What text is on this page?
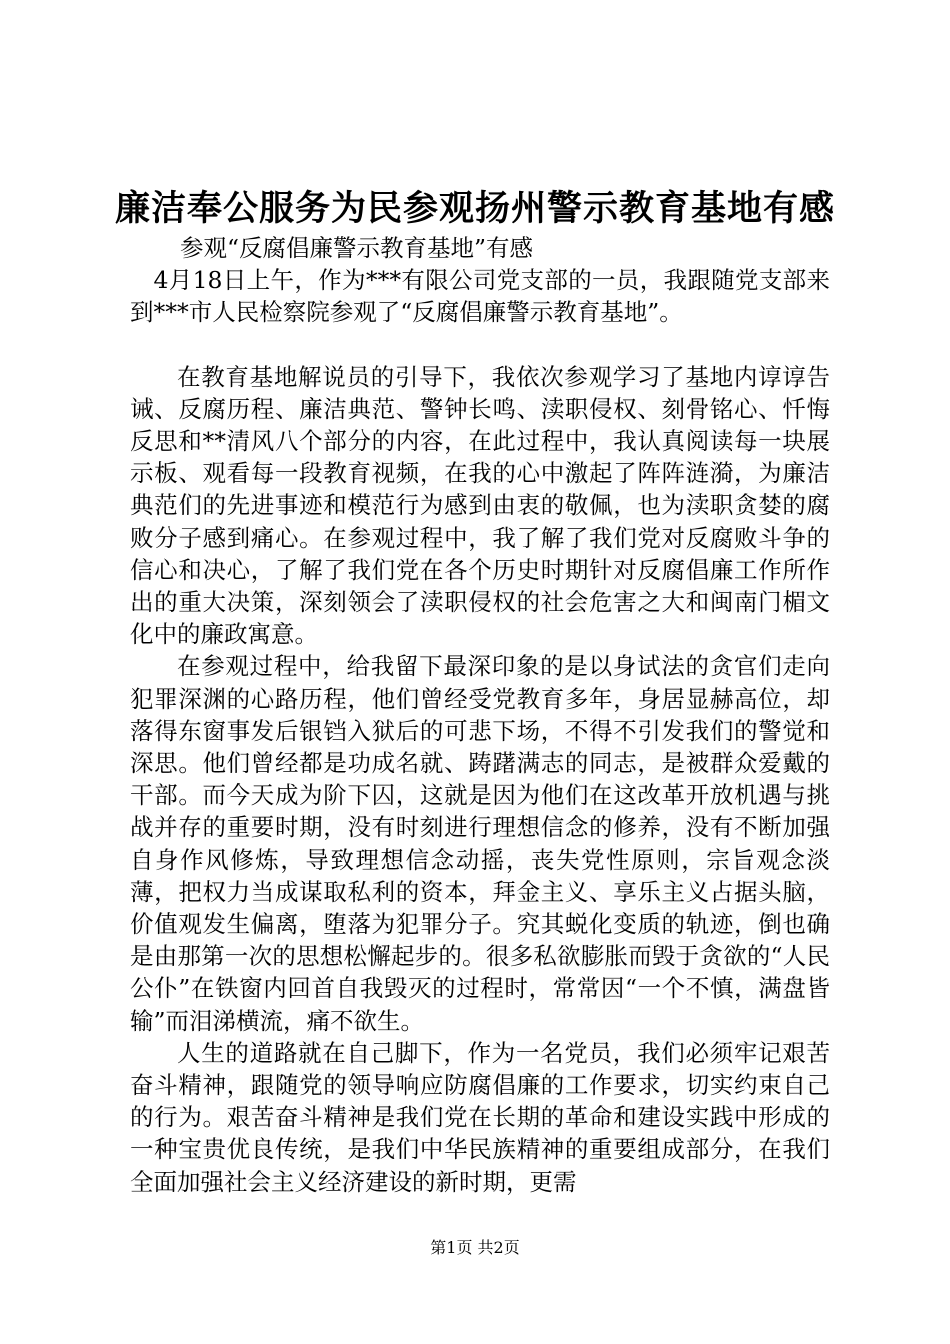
廉洁奉公服务为民参观扬州警示教育基地有感

参观“反腐倡廉警示教育基地”有感

4月18日上午，作为***有限公司党支部的一员，我跟随党支部来到***市人民检察院参观了“反腐倡廉警示教育基地”。

在教育基地解说员的引导下，我依次参观学习了基地内谆谆告诫、反腐历程、廉洁典范、警钟长鸣、渎职侵权、刻骨铭心、忏悔反思和**清风八个部分的内容，在此过程中，我认真阅读每一块展示板、观看每一段教育视频，在我的心中激起了阵阵涟漪，为廉洁典范们的先进事迹和模范行为感到由衷的敬佩，也为渎职贪婪的腐败分子感到痛心。在参观过程中，我了解了我们党对反腐败斗争的信心和决心，了解了我们党在各个历史时期针对反腐倡廉工作所作出的重大决策，深刻领会了渎职侵权的社会危害之大和闽南门楣文化中的廉政寓意。

在参观过程中，给我留下最深印象的是以身试法的贪官们走向犯罪深渊的心路历程，他们曾经受党教育多年，身居显赫高位，却落得东窗事发后银铛入狱后的可悲下场，不得不引发我们的警觉和深思。他们曾经都是功成名就、踌躇满志的同志，是被群众爱戴的干部。而今天成为阶下囚，这就是因为他们在这改革开放机遇与挑战并存的重要时期，没有时刻进行理想信念的修养，没有不断加强自身作风修炼，导致理想信念动摇，丧失党性原则，宗旨观念淡薄，把权力当成谋取私利的资本，拜金主义、享乐主义占据头脑，价值观发生偏离，堕落为犯罪分子。究其蜕化变质的轨迹，倒也确是由那第一次的思想松懈起步的。很多私欲膨胀而毁于贪欲的“人民公仆”在铁窗内回首自我毁灭的过程时，常常因“一个不慎，满盘皆输”而泪涕横流，痛不欲生。

人生的道路就在自己脚下，作为一名党员，我们必须牢记艰苦奋斗精神，跟随党的领导响应防腐倡廉的工作要求，切实约束自己的行为。艰苦奋斗精神是我们党在长期的革命和建设实践中形成的一种宝贵优良传统，是我们中华民族精神的重要组成部分，在我们全面加强社会主义经济建设的新时期，更需

第1页 共2页
